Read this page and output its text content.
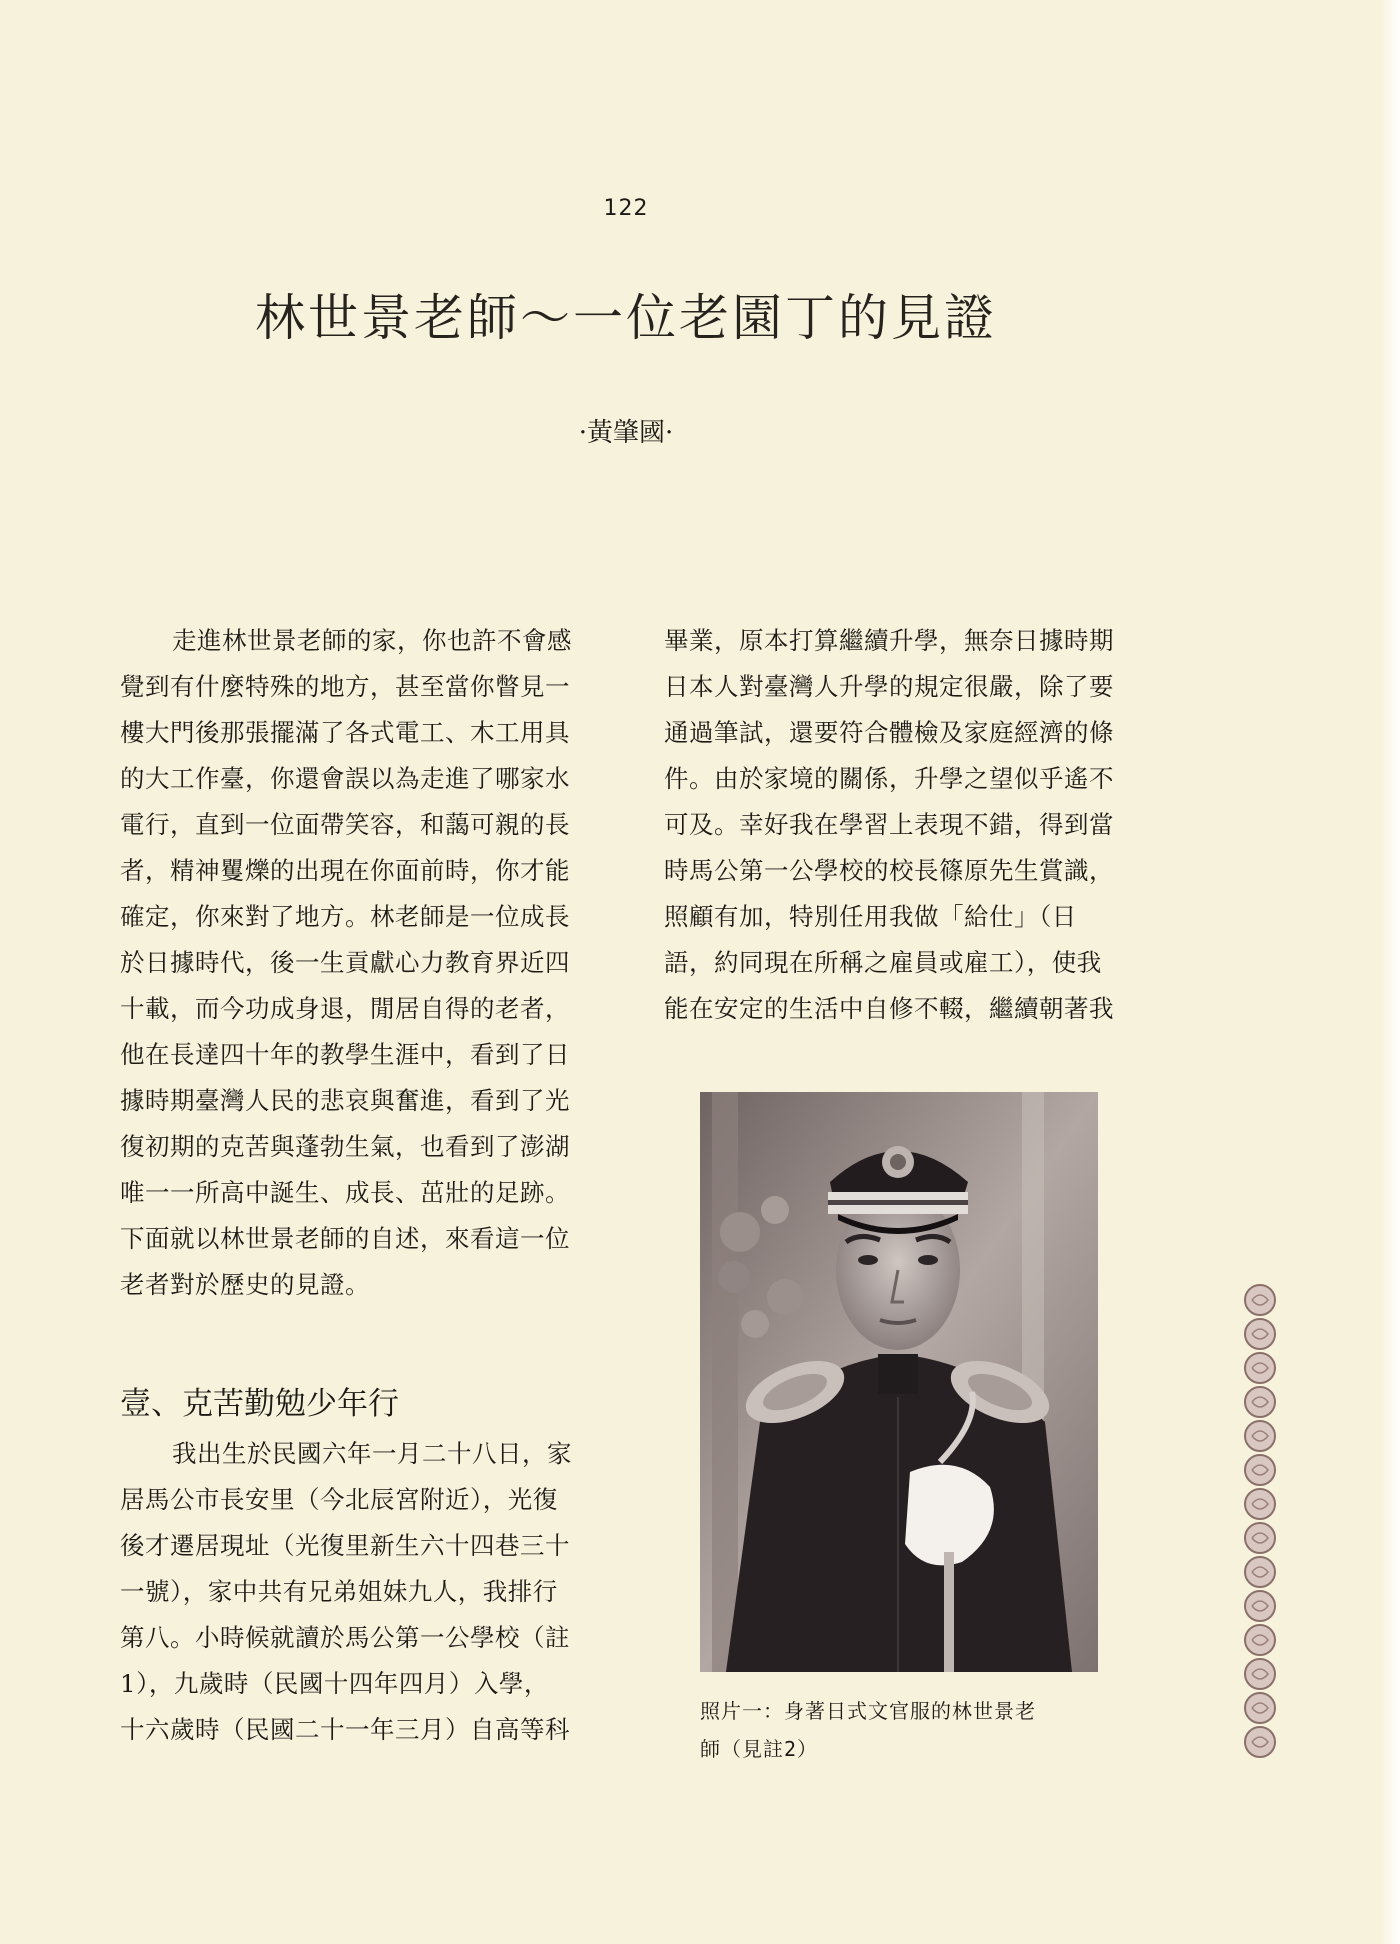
122
林世景老師～一位老園丁的見證
·黃肇國·

走進林世景老師的家，你也許不會感

覺到有什麼特殊的地方，甚至當你瞥見一

樓大門後那張擺滿了各式電工、木工用具

的大工作臺，你還會誤以為走進了哪家水

電行，直到一位面帶笑容，和藹可親的長

者，精神矍爍的出現在你面前時，你才能

確定，你來對了地方。林老師是一位成長

於日據時代，後一生貢獻心力教育界近四

十載，而今功成身退，閒居自得的老者，

他在長達四十年的教學生涯中，看到了日

據時期臺灣人民的悲哀與奮進，看到了光

復初期的克苦與蓬勃生氣，也看到了澎湖

唯一一所高中誕生、成長、茁壯的足跡。

下面就以林世景老師的自述，來看這一位

老者對於歷史的見證。

壹、克苦勤勉少年行

我出生於民國六年一月二十八日，家

居馬公市長安里（今北辰宮附近），光復

後才遷居現址（光復里新生六十四巷三十

一號），家中共有兄弟姐妹九人，我排行

第八。小時候就讀於馬公第一公學校（註

1），九歲時（民國十四年四月）入學，

十六歲時（民國二十一年三月）自高等科

畢業，原本打算繼續升學，無奈日據時期

日本人對臺灣人升學的規定很嚴，除了要

通過筆試，還要符合體檢及家庭經濟的條

件。由於家境的關係，升學之望似乎遙不

可及。幸好我在學習上表現不錯，得到當

時馬公第一公學校的校長篠原先生賞識，

照顧有加，特別任用我做「給仕」（日

語，約同現在所稱之雇員或雇工），使我

能在安定的生活中自修不輟，繼續朝著我

照片一：身著日式文官服的林世景老
師（見註2）
